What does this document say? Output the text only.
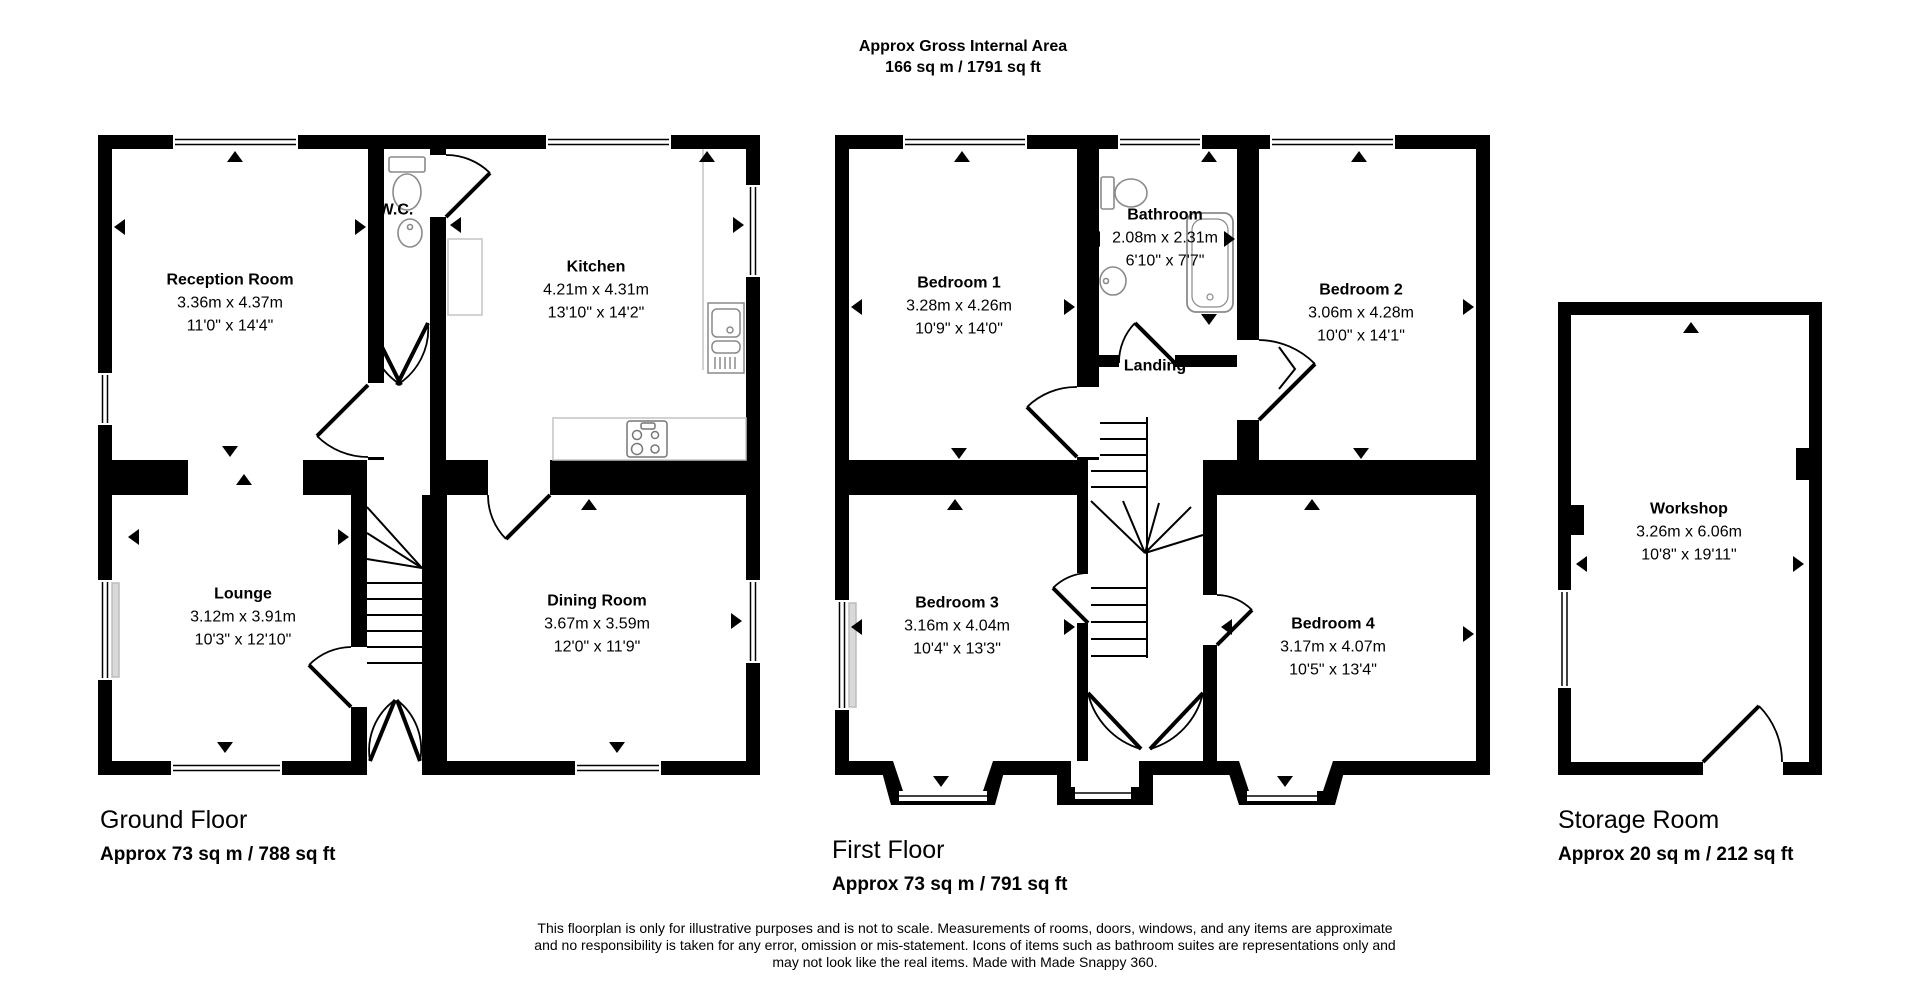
Approx Gross Internal Area
166 sq m / 1791 sq ft
Reception Room
3.36m x 4.37m
11'0" x 14'4"
W.C.
Kitchen
4.21m x 4.31m
13'10" x 14'2"
Lounge
3.12m x 3.91m
10'3" x 12'10"
Dining Room
3.67m x 3.59m
12'0" x 11'9"
Bedroom 1
3.28m x 4.26m
10'9" x 14'0"
Bathroom
2.08m x 2.31m
6'10" x 7'7"
Bedroom 2
3.06m x 4.28m
10'0" x 14'1"
Landing
Bedroom 3
3.16m x 4.04m
10'4" x 13'3"
Bedroom 4
3.17m x 4.07m
10'5" x 13'4"
Workshop
3.26m x 6.06m
10'8" x 19'11"
Ground Floor
Approx 73 sq m / 788 sq ft	First Floor
Approx 73 sq m / 791 sq ft
Storage Room
Approx 20 sq m / 212 sq ft
This floorplan is only for illustrative purposes and is not to scale. Measurements of rooms, doors, windows, and any items are approximate
and no responsibility is taken for any error, omission or mis-statement. Icons of items such as bathroom suites are representations only and
may not look like the real items. Made with Made Snappy 360.
